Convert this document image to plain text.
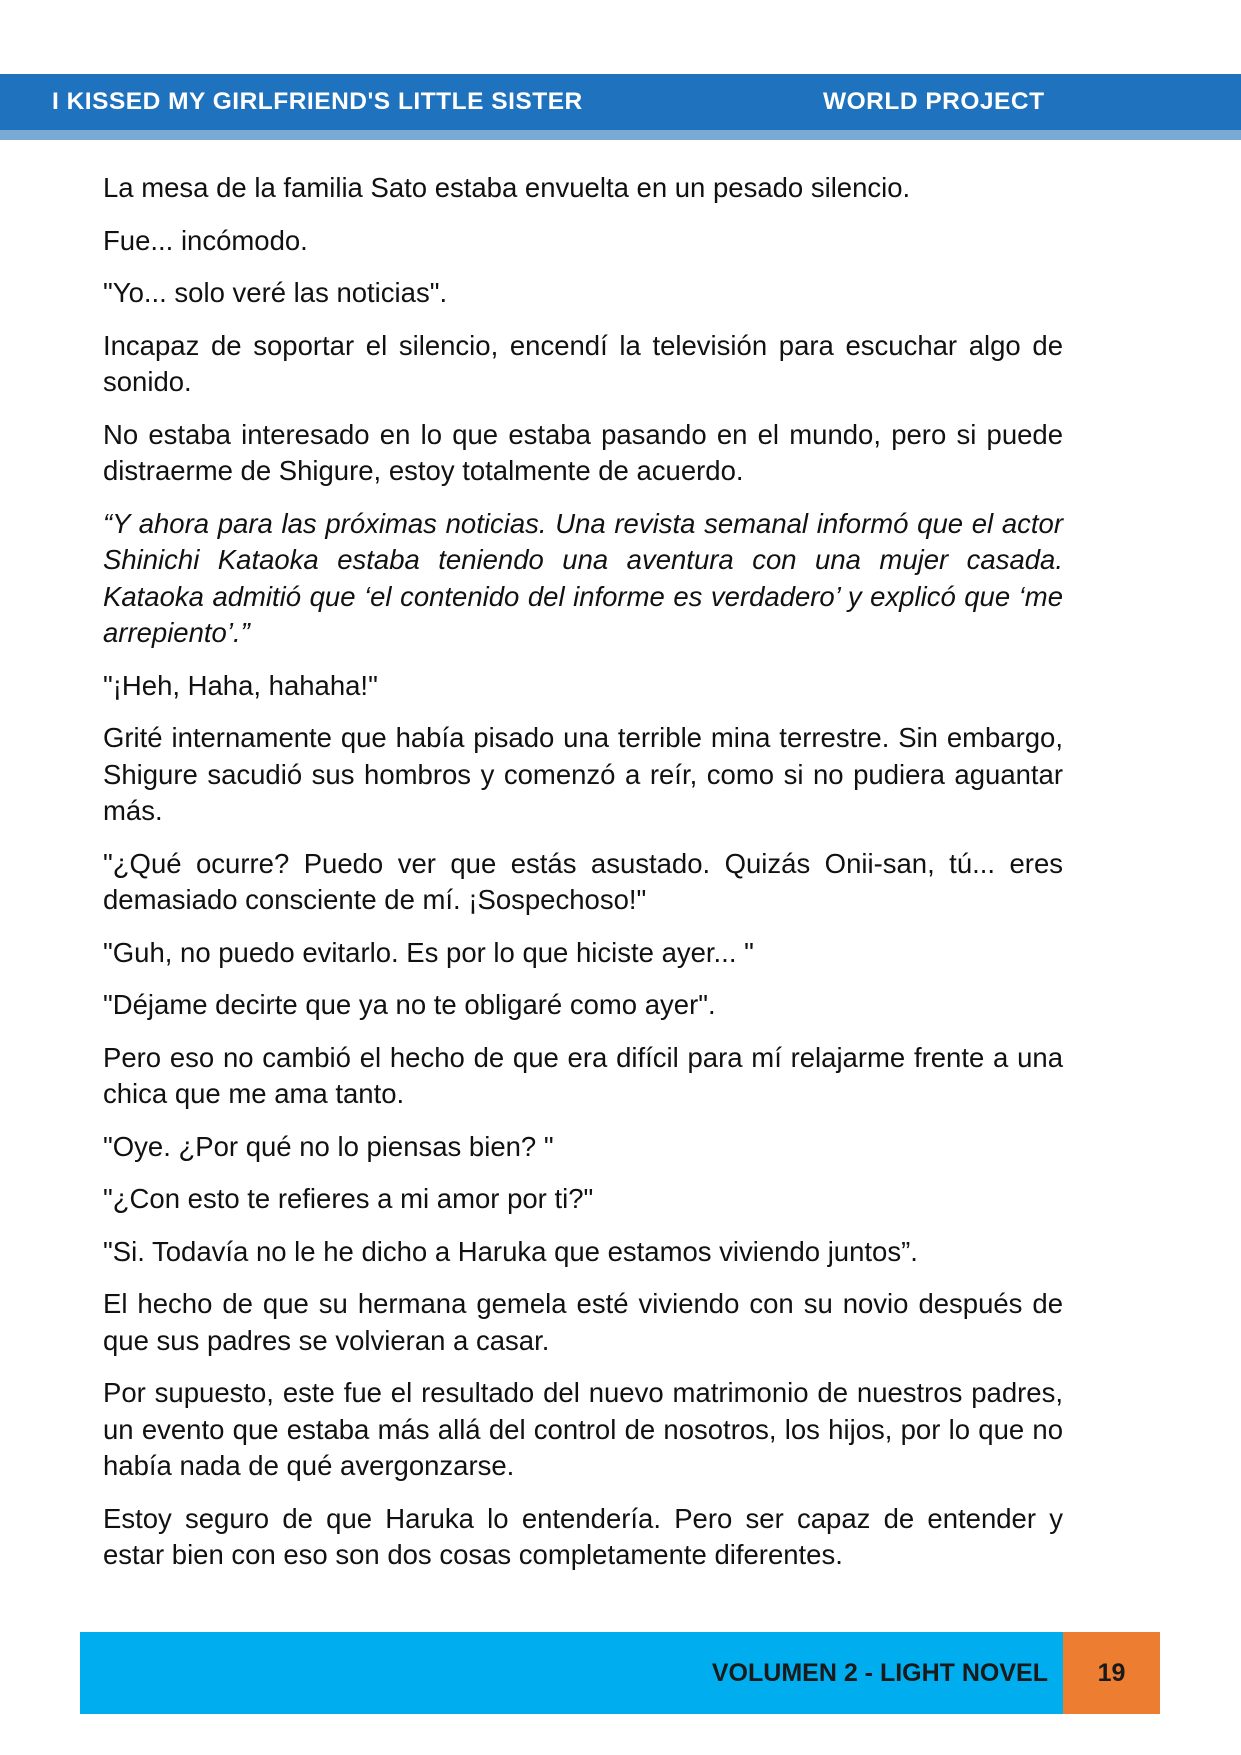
I KISSED MY GIRLFRIEND'S LITTLE SISTER	WORLD PROJECT

La mesa de la familia Sato estaba envuelta en un pesado silencio.

Fue... incómodo.

"Yo... solo veré las noticias".

Incapaz de soportar el silencio, encendí la televisión para escuchar algo de sonido.

No estaba interesado en lo que estaba pasando en el mundo, pero si puede distraerme de Shigure, estoy totalmente de acuerdo.

“Y ahora para las próximas noticias. Una revista semanal informó que el actor Shinichi Kataoka estaba teniendo una aventura con una mujer casada. Kataoka admitió que ‘el contenido del informe es verdadero’ y explicó que ‘me arrepiento’.”

"¡Heh, Haha, hahaha!"

Grité internamente que había pisado una terrible mina terrestre. Sin embargo, Shigure sacudió sus hombros y comenzó a reír, como si no pudiera aguantar más.

"¿Qué ocurre? Puedo ver que estás asustado. Quizás Onii-san, tú... eres demasiado consciente de mí. ¡Sospechoso!"

"Guh, no puedo evitarlo. Es por lo que hiciste ayer... "

"Déjame decirte que ya no te obligaré como ayer".

Pero eso no cambió el hecho de que era difícil para mí relajarme frente a una chica que me ama tanto.

"Oye. ¿Por qué no lo piensas bien? "

"¿Con esto te refieres a mi amor por ti?"

"Si. Todavía no le he dicho a Haruka que estamos viviendo juntos”.

El hecho de que su hermana gemela esté viviendo con su novio después de que sus padres se volvieran a casar.

Por supuesto, este fue el resultado del nuevo matrimonio de nuestros padres, un evento que estaba más allá del control de nosotros, los hijos, por lo que no había nada de qué avergonzarse.

Estoy seguro de que Haruka lo entendería. Pero ser capaz de entender y estar bien con eso son dos cosas completamente diferentes.

VOLUMEN 2 - LIGHT NOVEL	19
